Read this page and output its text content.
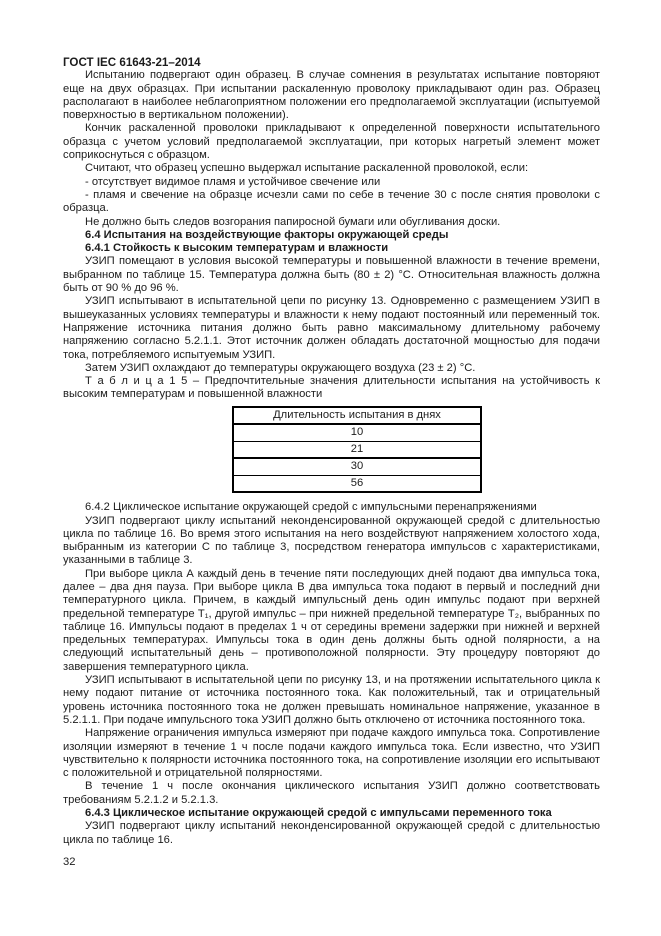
ГОСТ IEC 61643-21–2014

Испытанию подвергают один образец. В случае сомнения в результатах испытание повторяют еще на двух образцах. При испытании раскаленную проволоку прикладывают один раз. Образец располагают в наиболее неблагоприятном положении его предполагаемой эксплуатации (испытуемой поверхностью в вертикальном положении).

Кончик раскаленной проволоки прикладывают к определенной поверхности испытательного образца с учетом условий предполагаемой эксплуатации, при которых нагретый элемент может соприкоснуться с образцом.

Считают, что образец успешно выдержал испытание раскаленной проволокой, если:

- отсутствует видимое пламя и устойчивое свечение или

- пламя и свечение на образце исчезли сами по себе в течение 30 с после снятия проволоки с образца.

Не должно быть следов возгорания папиросной бумаги или обугливания доски.

6.4 Испытания на воздействующие факторы окружающей среды

6.4.1 Стойкость к высоким температурам и влажности

УЗИП помещают в условия высокой температуры и повышенной влажности в течение времени, выбранном по таблице 15. Температура должна быть (80 ± 2) °С. Относительная влажность должна быть от 90 % до 96 %.

УЗИП испытывают в испытательной цепи по рисунку 13. Одновременно с размещением УЗИП в вышеуказанных условиях температуры и влажности к нему подают постоянный или переменный ток. Напряжение источника питания должно быть равно максимальному длительному рабочему напряжению согласно 5.2.1.1. Этот источник должен обладать достаточной мощностью для подачи тока, потребляемого испытуемым УЗИП.

Затем УЗИП охлаждают до температуры окружающего воздуха (23 ± 2) °С.

Т а б л и ц а 1 5 – Предпочтительные значения длительности испытания на устойчивость к высоким температурам и повышенной влажности

Длительность испытания в днях
10
21
30
56

6.4.2 Циклическое испытание окружающей средой с импульсными перенапряжениями

УЗИП подвергают циклу испытаний неконденсированной окружающей средой с длительностью цикла по таблице 16. Во время этого испытания на него воздействуют напряжением холостого хода, выбранным из категории С по таблице 3, посредством генератора импульсов с характеристиками, указанными в таблице 3.

При выборе цикла А каждый день в течение пяти последующих дней подают два импульса тока, далее – два дня пауза. При выборе цикла В два импульса тока подают в первый и последний дни температурного цикла. Причем, в каждый импульсный день один импульс подают при верхней предельной температуре Т₁, другой импульс – при нижней предельной температуре Т₂, выбранных по таблице 16. Импульсы подают в пределах 1 ч от середины времени задержки при нижней и верхней предельных температурах. Импульсы тока в один день должны быть одной полярности, а на следующий испытательный день – противоположной полярности. Эту процедуру повторяют до завершения температурного цикла.

УЗИП испытывают в испытательной цепи по рисунку 13, и на протяжении испытательного цикла к нему подают питание от источника постоянного тока. Как положительный, так и отрицательный уровень источника постоянного тока не должен превышать номинальное напряжение, указанное в 5.2.1.1. При подаче импульсного тока УЗИП должно быть отключено от источника постоянного тока.

Напряжение ограничения импульса измеряют при подаче каждого импульса тока. Сопротивление изоляции измеряют в течение 1 ч после подачи каждого импульса тока. Если известно, что УЗИП чувствительно к полярности источника постоянного тока, на сопротивление изоляции его испытывают с положительной и отрицательной полярностями.

В течение 1 ч после окончания циклического испытания УЗИП должно соответствовать требованиям 5.2.1.2 и 5.2.1.3.

6.4.3 Циклическое испытание окружающей средой с импульсами переменного тока

УЗИП подвергают циклу испытаний неконденсированной окружающей средой с длительностью цикла по таблице 16.

32
